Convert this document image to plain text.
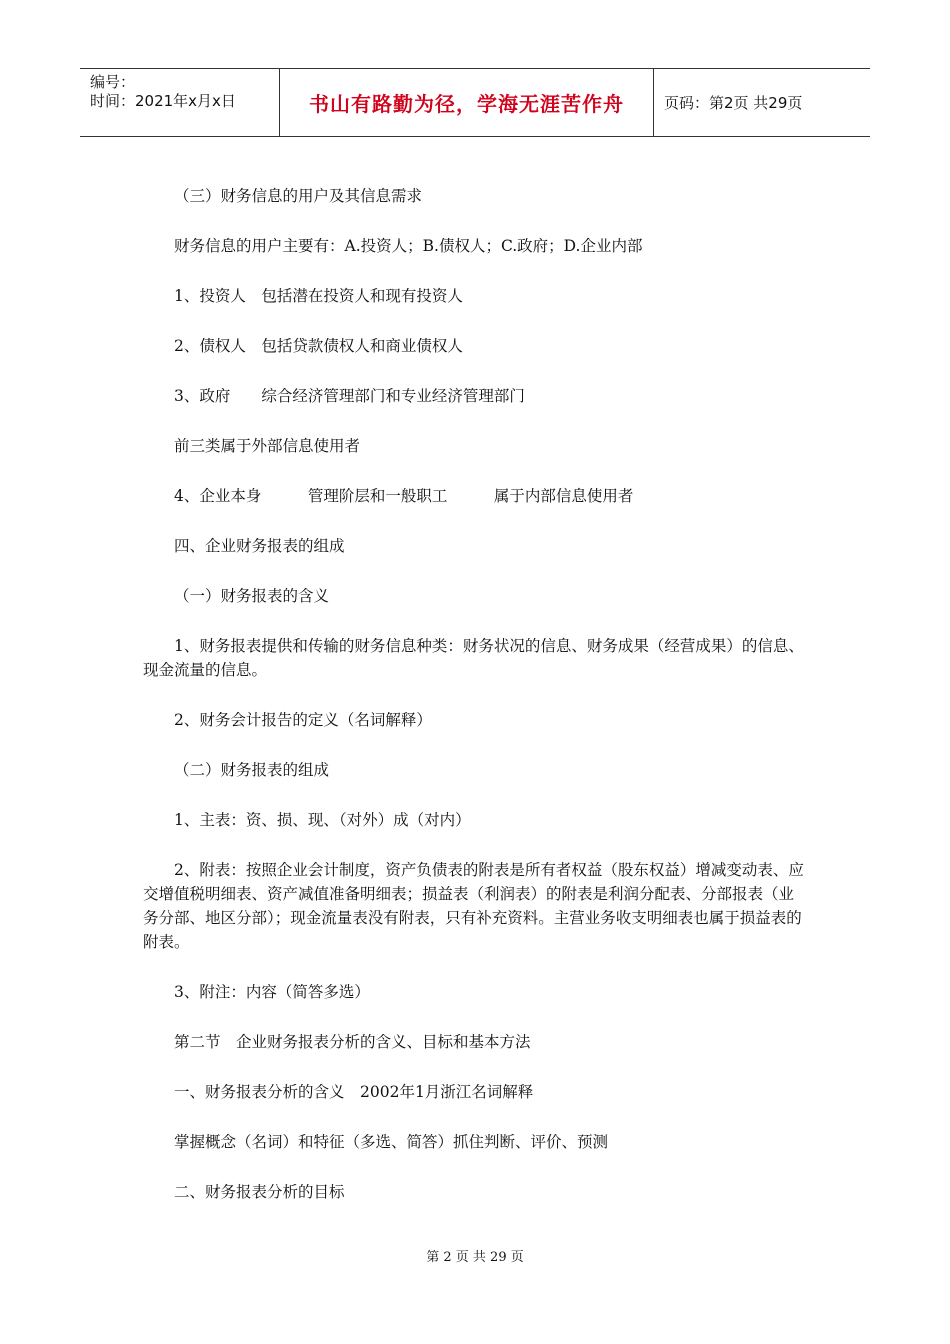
编号：
时间：2021年x月x日	书山有路勤为径，学海无涯苦作舟	页码：第2页 共29页

（三）财务信息的用户及其信息需求

财务信息的用户主要有：A.投资人；B.债权人；C.政府；D.企业内部

1、投资人　包括潜在投资人和现有投资人

2、债权人　包括贷款债权人和商业债权人

3、政府　　综合经济管理部门和专业经济管理部门

前三类属于外部信息使用者

4、企业本身　　　管理阶层和一般职工　　　属于内部信息使用者

四、企业财务报表的组成

（一）财务报表的含义

1、财务报表提供和传输的财务信息种类：财务状况的信息、财务成果（经营成果）的信息、现金流量的信息。

2、财务会计报告的定义（名词解释）

（二）财务报表的组成

1、主表：资、损、现、（对外）成（对内）

2、附表：按照企业会计制度，资产负债表的附表是所有者权益（股东权益）增减变动表、应交增值税明细表、资产减值准备明细表；损益表（利润表）的附表是利润分配表、分部报表（业务分部、地区分部）；现金流量表没有附表，只有补充资料。主营业务收支明细表也属于损益表的附表。

3、附注：内容（简答多选）

第二节　企业财务报表分析的含义、目标和基本方法

一、财务报表分析的含义　2002年1月浙江名词解释

掌握概念（名词）和特征（多选、简答）抓住判断、评价、预测

二、财务报表分析的目标

第 2 页 共 29 页
